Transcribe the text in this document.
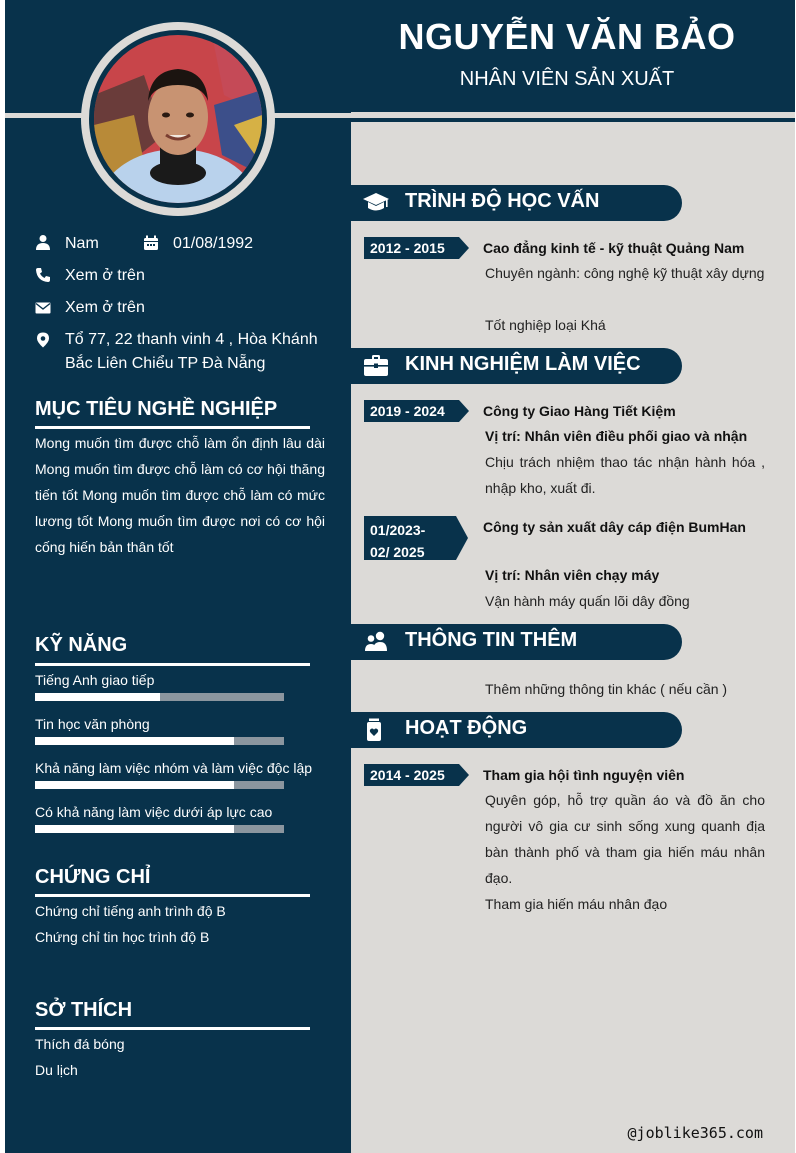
NGUYỄN VĂN BẢO
NHÂN VIÊN SẢN XUẤT
Nam	01/08/1992
Xem ở trên
Xem ở trên
Tổ 77, 22 thanh vinh 4 , Hòa Khánh
Bắc Liên Chiểu TP Đà Nẵng
MỤC TIÊU NGHỀ NGHIỆP
Mong muốn tìm được chỗ làm ổn định lâu dài Mong muốn tìm được chỗ làm có cơ hội thăng tiến tốt Mong muốn tìm được chỗ làm có mức lương tốt Mong muốn tìm được nơi có cơ hội cống hiến bản thân tốt
KỸ NĂNG
Tiếng Anh giao tiếp
Tin học văn phòng
Khả năng làm việc nhóm và làm việc độc lập
Có khả năng làm việc dưới áp lực cao
CHỨNG CHỈ
Chứng chỉ tiếng anh trình độ B
Chứng chỉ tin học trình độ B
SỞ THÍCH
Thích đá bóng
Du lịch
TRÌNH ĐỘ HỌC VẤN
2012 - 2015	Cao đẳng kinh tế - kỹ thuật Quảng Nam
Chuyên ngành: công nghệ kỹ thuật xây dựng
Tốt nghiệp loại Khá
KINH NGHIỆM LÀM VIỆC
2019 - 2024	Công ty Giao Hàng Tiết Kiệm
Vị trí: Nhân viên điều phối giao và nhận
Chịu trách nhiệm thao tác nhận hành hóa , nhập kho, xuất đi.
01/2023-
02/ 2025
Công ty sản xuất dây cáp điện BumHan
Vị trí: Nhân viên chạy máy
Vận hành máy quấn lõi dây đồng
THÔNG TIN THÊM
Thêm những thông tin khác ( nếu cần )
HOẠT ĐỘNG
2014 - 2025	Tham gia hội tình nguyện viên
Quyên góp, hỗ trợ quần áo và đồ ăn cho người vô gia cư sinh sống xung quanh địa bàn thành phố và tham gia hiến máu nhân đạo.
Tham gia hiến máu nhân đạo
@joblike365.com
